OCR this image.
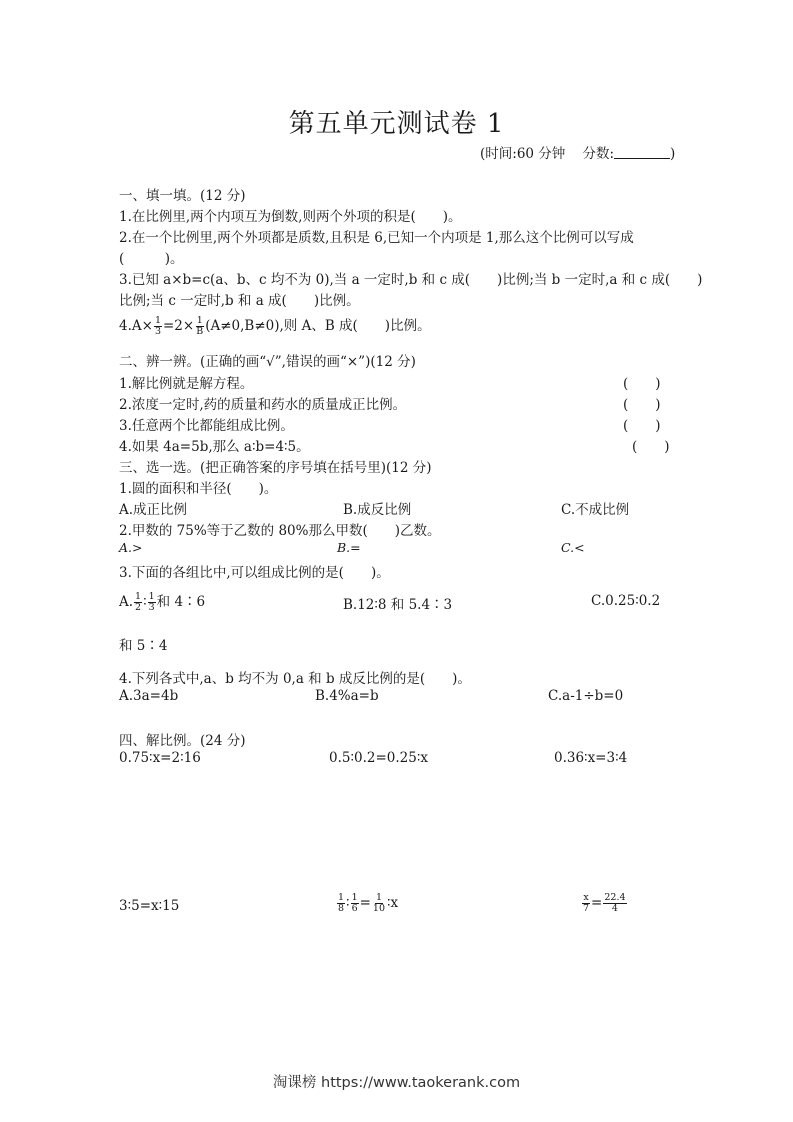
第五单元测试卷 1
(时间:60 分钟 分数:	)
一、填一填。(12 分)
1.在比例里,两个内项互为倒数,则两个外项的积是(　　)。
2.在一个比例里,两个外项都是质数,且积是 6,已知一个内项是 1,那么这个比例可以写成
(　　　)。
3.已知 a×b=c(a、b、c 均不为 0),当 a 一定时,b 和 c 成(　　)比例;当 b 一定时,a 和 c 成(　　)
比例;当 c 一定时,b 和 a 成(　　)比例。
$4.A\times \frac{1}{3} =2\times \frac{1}{B} (A\ne 0,B\ne 0)$,则 A、B 成(　　)比例。
二、辨一辨。(正确的画“√”,错误的画“×”)(12 分)
1.解比例就是解方程。	(　　)
2.浓度一定时,药的质量和药水的质量成正比例。	(　　)
3.任意两个比都能组成比例。	(　　)
4.如果 4a=5b,那么 a∶b=4∶5。	(　　)
三、选一选。(把正确答案的序号填在括号里)(12 分)
1.圆的面积和半径(　　)。
A.成正比例	B.成反比例	C.不成比例
2.甲数的 75%等于乙数的 80%那么甲数(　　)乙数。
A.>	B.=	C.<
3.下面的各组比中,可以组成比例的是(　　)。
A. $\frac{1}{2}$ ∶ $\frac{1}{3}$ 和 4∶6	B.12∶8 和 5.4∶3	C.0.25∶0.2
和 5∶4
4.下列各式中,a、b 均不为 0,a 和 b 成反比例的是(　　)。
A.3a=4b	B.4%a=b	C.a-1÷b=0
四、解比例。(24 分)
0.75∶x=2∶16	0.5∶0.2=0.25∶x	0.36∶x=3∶4
3∶5=x∶15	$\frac{1}{8}$ ∶ $\frac{1}{6} = \frac{1}{10}$ ∶x	$\frac{x}{7} = \frac{22.4}{4}$
淘课榜 https://www.taokerank.com
